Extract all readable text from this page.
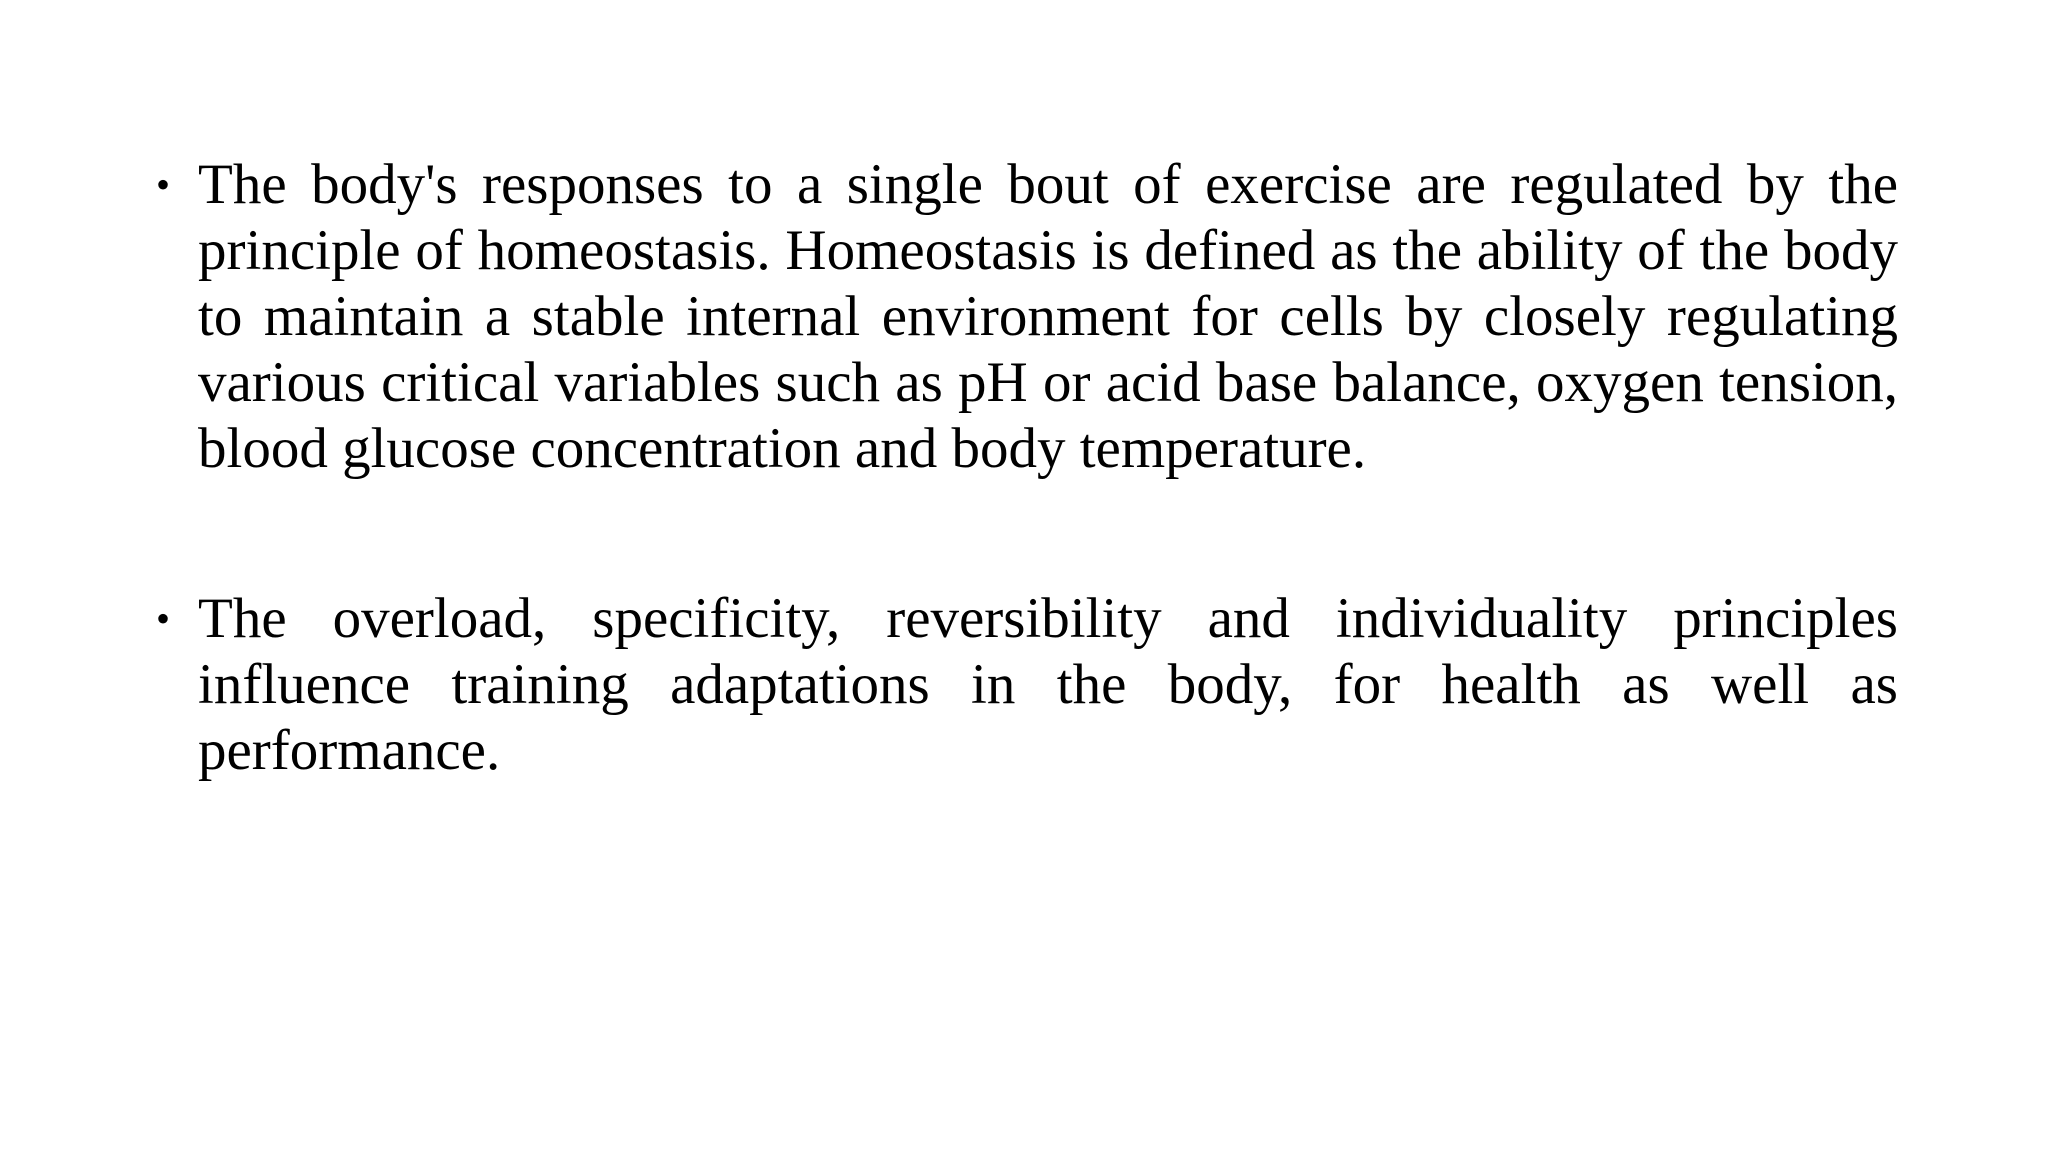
• The body's responses to a single bout of exercise are regulated by the principle of homeostasis. Homeostasis is defined as the ability of the body to maintain a stable internal environment for cells by closely regulating various critical variables such as pH or acid base balance, oxygen tension, blood glucose concentration and body temperature.
• The overload, specificity, reversibility and individuality principles influence training adaptations in the body, for health as well as performance.
